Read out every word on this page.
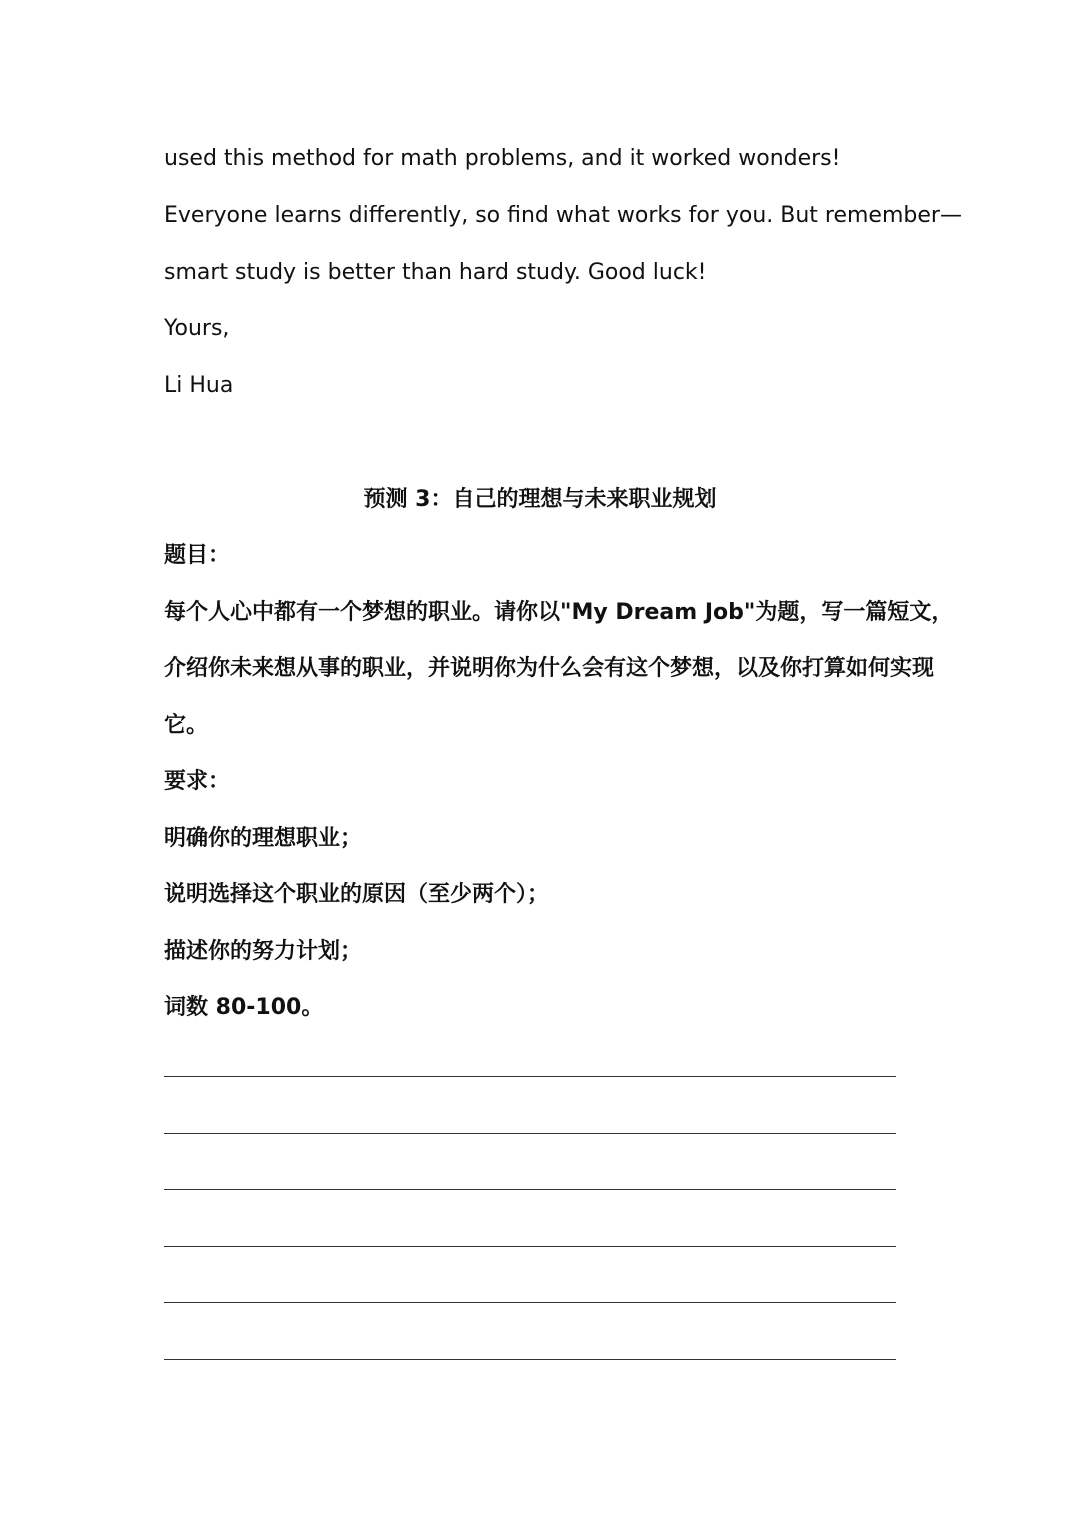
used this method for math problems, and it worked wonders!
Everyone learns differently, so find what works for you. But remember—
smart study is better than hard study. Good luck!
Yours,
Li Hua
预测 3：自己的理想与未来职业规划
题目：
每个人心中都有一个梦想的职业。请你以"My Dream Job"为题，写一篇短文，
介绍你未来想从事的职业，并说明你为什么会有这个梦想，以及你打算如何实现
它。
要求：
明确你的理想职业；
说明选择这个职业的原因（至少两个）；
描述你的努力计划；
词数 80-100。
